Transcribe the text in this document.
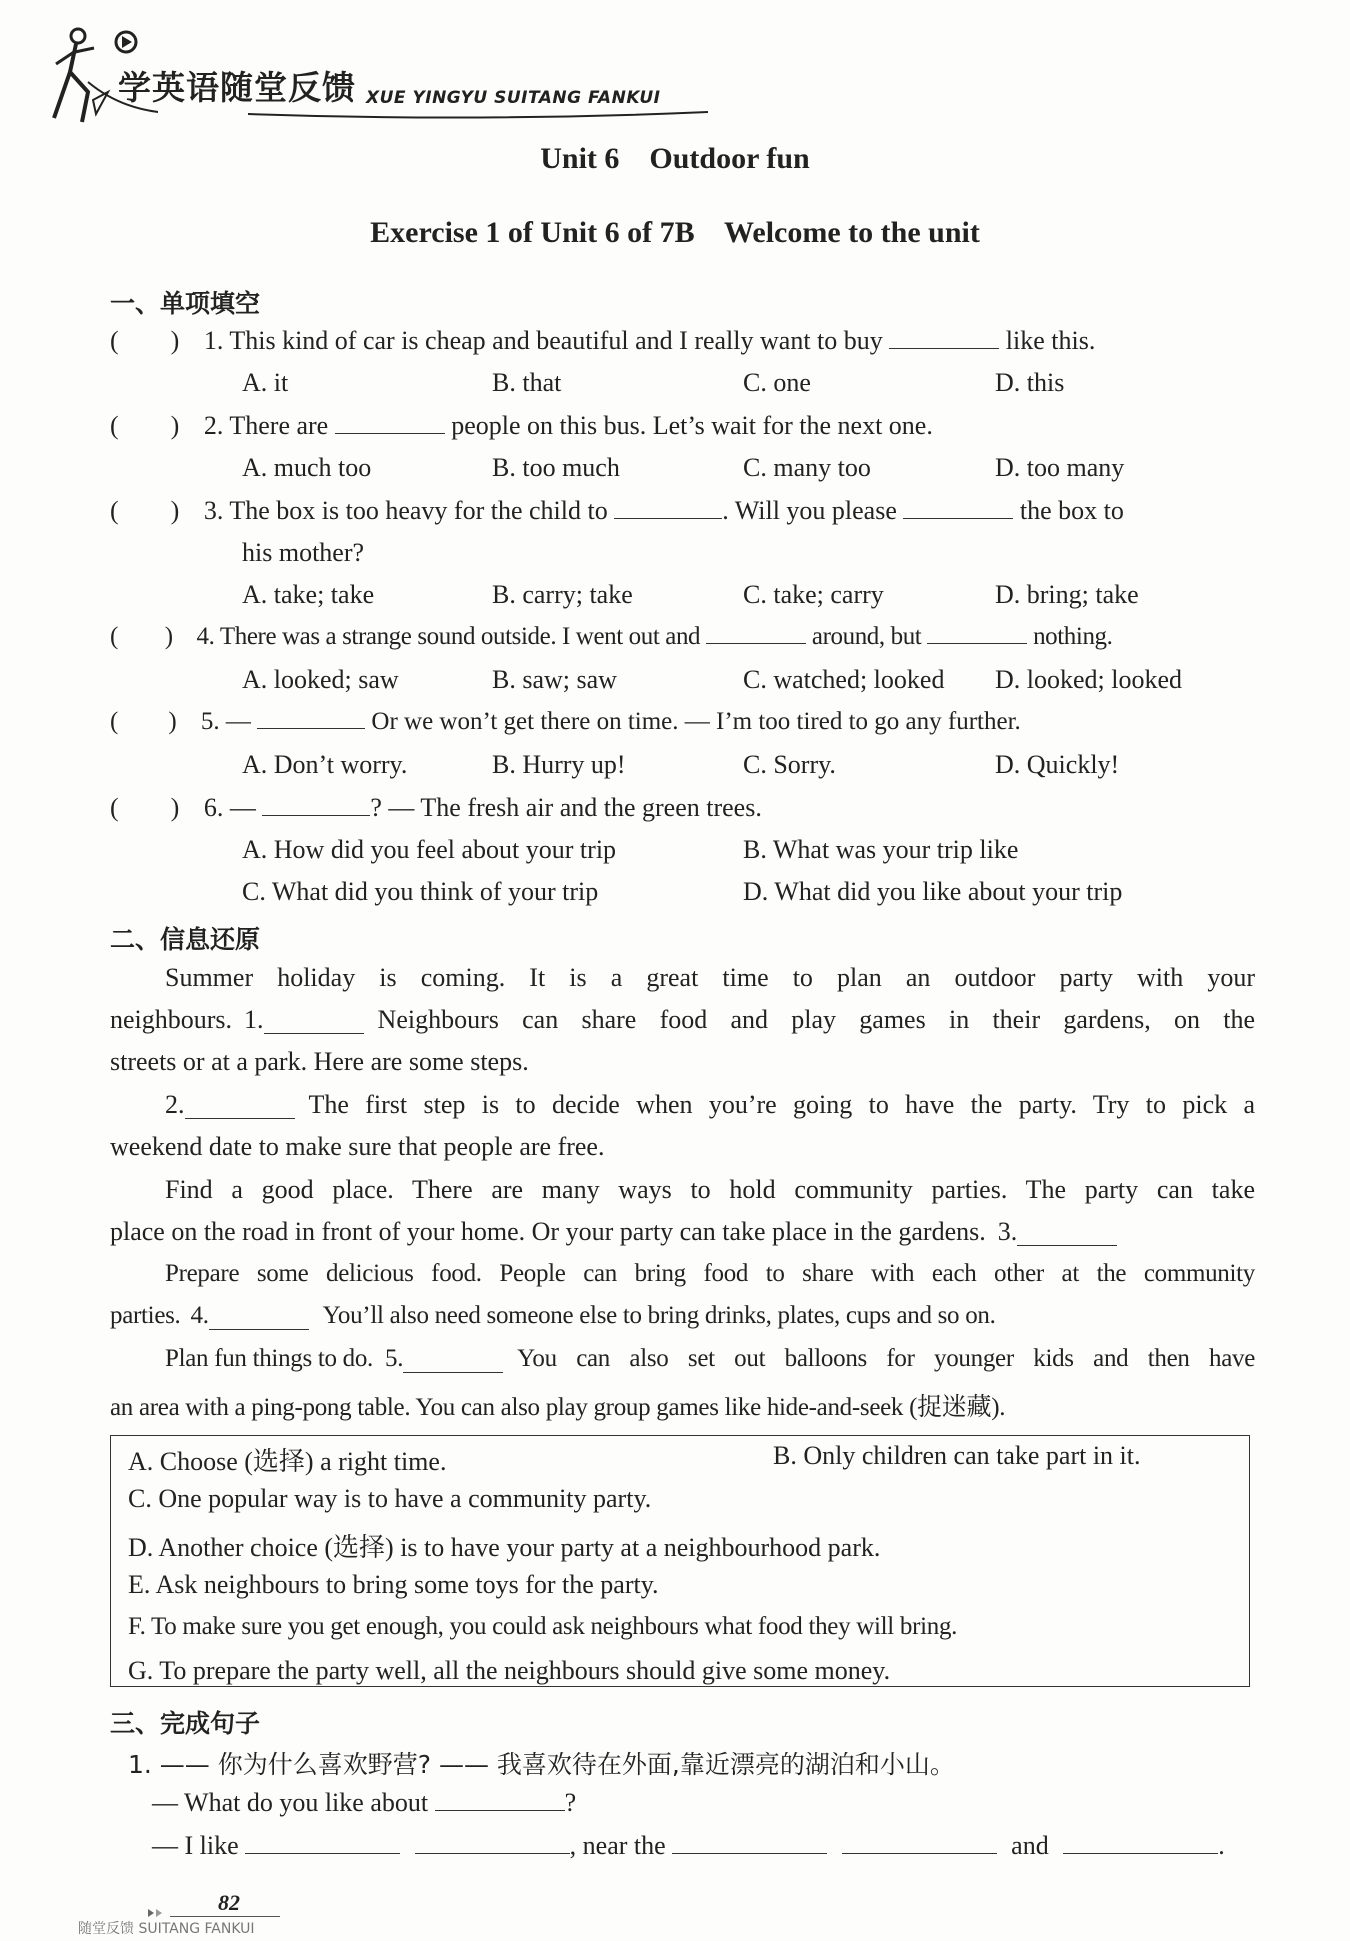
学英语随堂反馈 XUE YINGYU SUITANG FANKUI
Unit 6    Outdoor fun
Exercise 1 of Unit 6 of 7B    Welcome to the unit
一、单项填空
(        ) 1. This kind of car is cheap and beautiful and I really want to buy	like this.
A. it	B. that	C. one	D. this
(        ) 2. There are	people on this bus. Let’s wait for the next one.
A. much too	B. too much	C. many too	D. too many
(        ) 3. The box is too heavy for the child to	. Will you please	the box to
his mother?
A. take; take	B. carry; take	C. take; carry	D. bring; take
(        ) 4. There was a strange sound outside. I went out and	around, but	nothing.
A. looked; saw	B. saw; saw	C. watched; looked D. looked; looked
(        ) 5. —	Or we won’t get there on time. — I’m too tired to go any further.
A. Don’t worry.	B. Hurry up!	C. Sorry.	D. Quickly!
(        ) 6. —	? — The fresh air and the green trees.
A. How did you feel about your trip	B. What was your trip like
C. What did you think of your trip	D. What did you like about your trip
二、信息还原
Summer holiday is coming. It is a great time to plan an outdoor party with your
neighbours. 1.	Neighbours can share food and play games in their gardens, on the
streets or at a park. Here are some steps.
2.	The first step is to decide when you’re going to have the party. Try to pick a
weekend date to make sure that people are free.
Find a good place. There are many ways to hold community parties. The party can take
place on the road in front of your home. Or your party can take place in the gardens. 3.
Prepare some delicious food. People can bring food to share with each other at the community
parties. 4.	You’ll also need someone else to bring drinks, plates, cups and so on.
Plan fun things to do. 5.	You can also set out balloons for younger kids and then have
an area with a ping-pong table. You can also play group games like hide-and-seek (捉迷藏).
A. Choose (选择) a right time.	B. Only children can take part in it.
C. One popular way is to have a community party.
D. Another choice (选择) is to have your party at a neighbourhood park.
E. Ask neighbours to bring some toys for the party.
F. To make sure you get enough, you could ask neighbours what food they will bring.
G. To prepare the party well, all the neighbours should give some money.
三、完成句子
1. —— 你为什么喜欢野营? —— 我喜欢待在外面,靠近漂亮的湖泊和小山。
— What do you like about	?
— I like	, near the	and	.
82
随堂反馈 SUITANG FANKUI
